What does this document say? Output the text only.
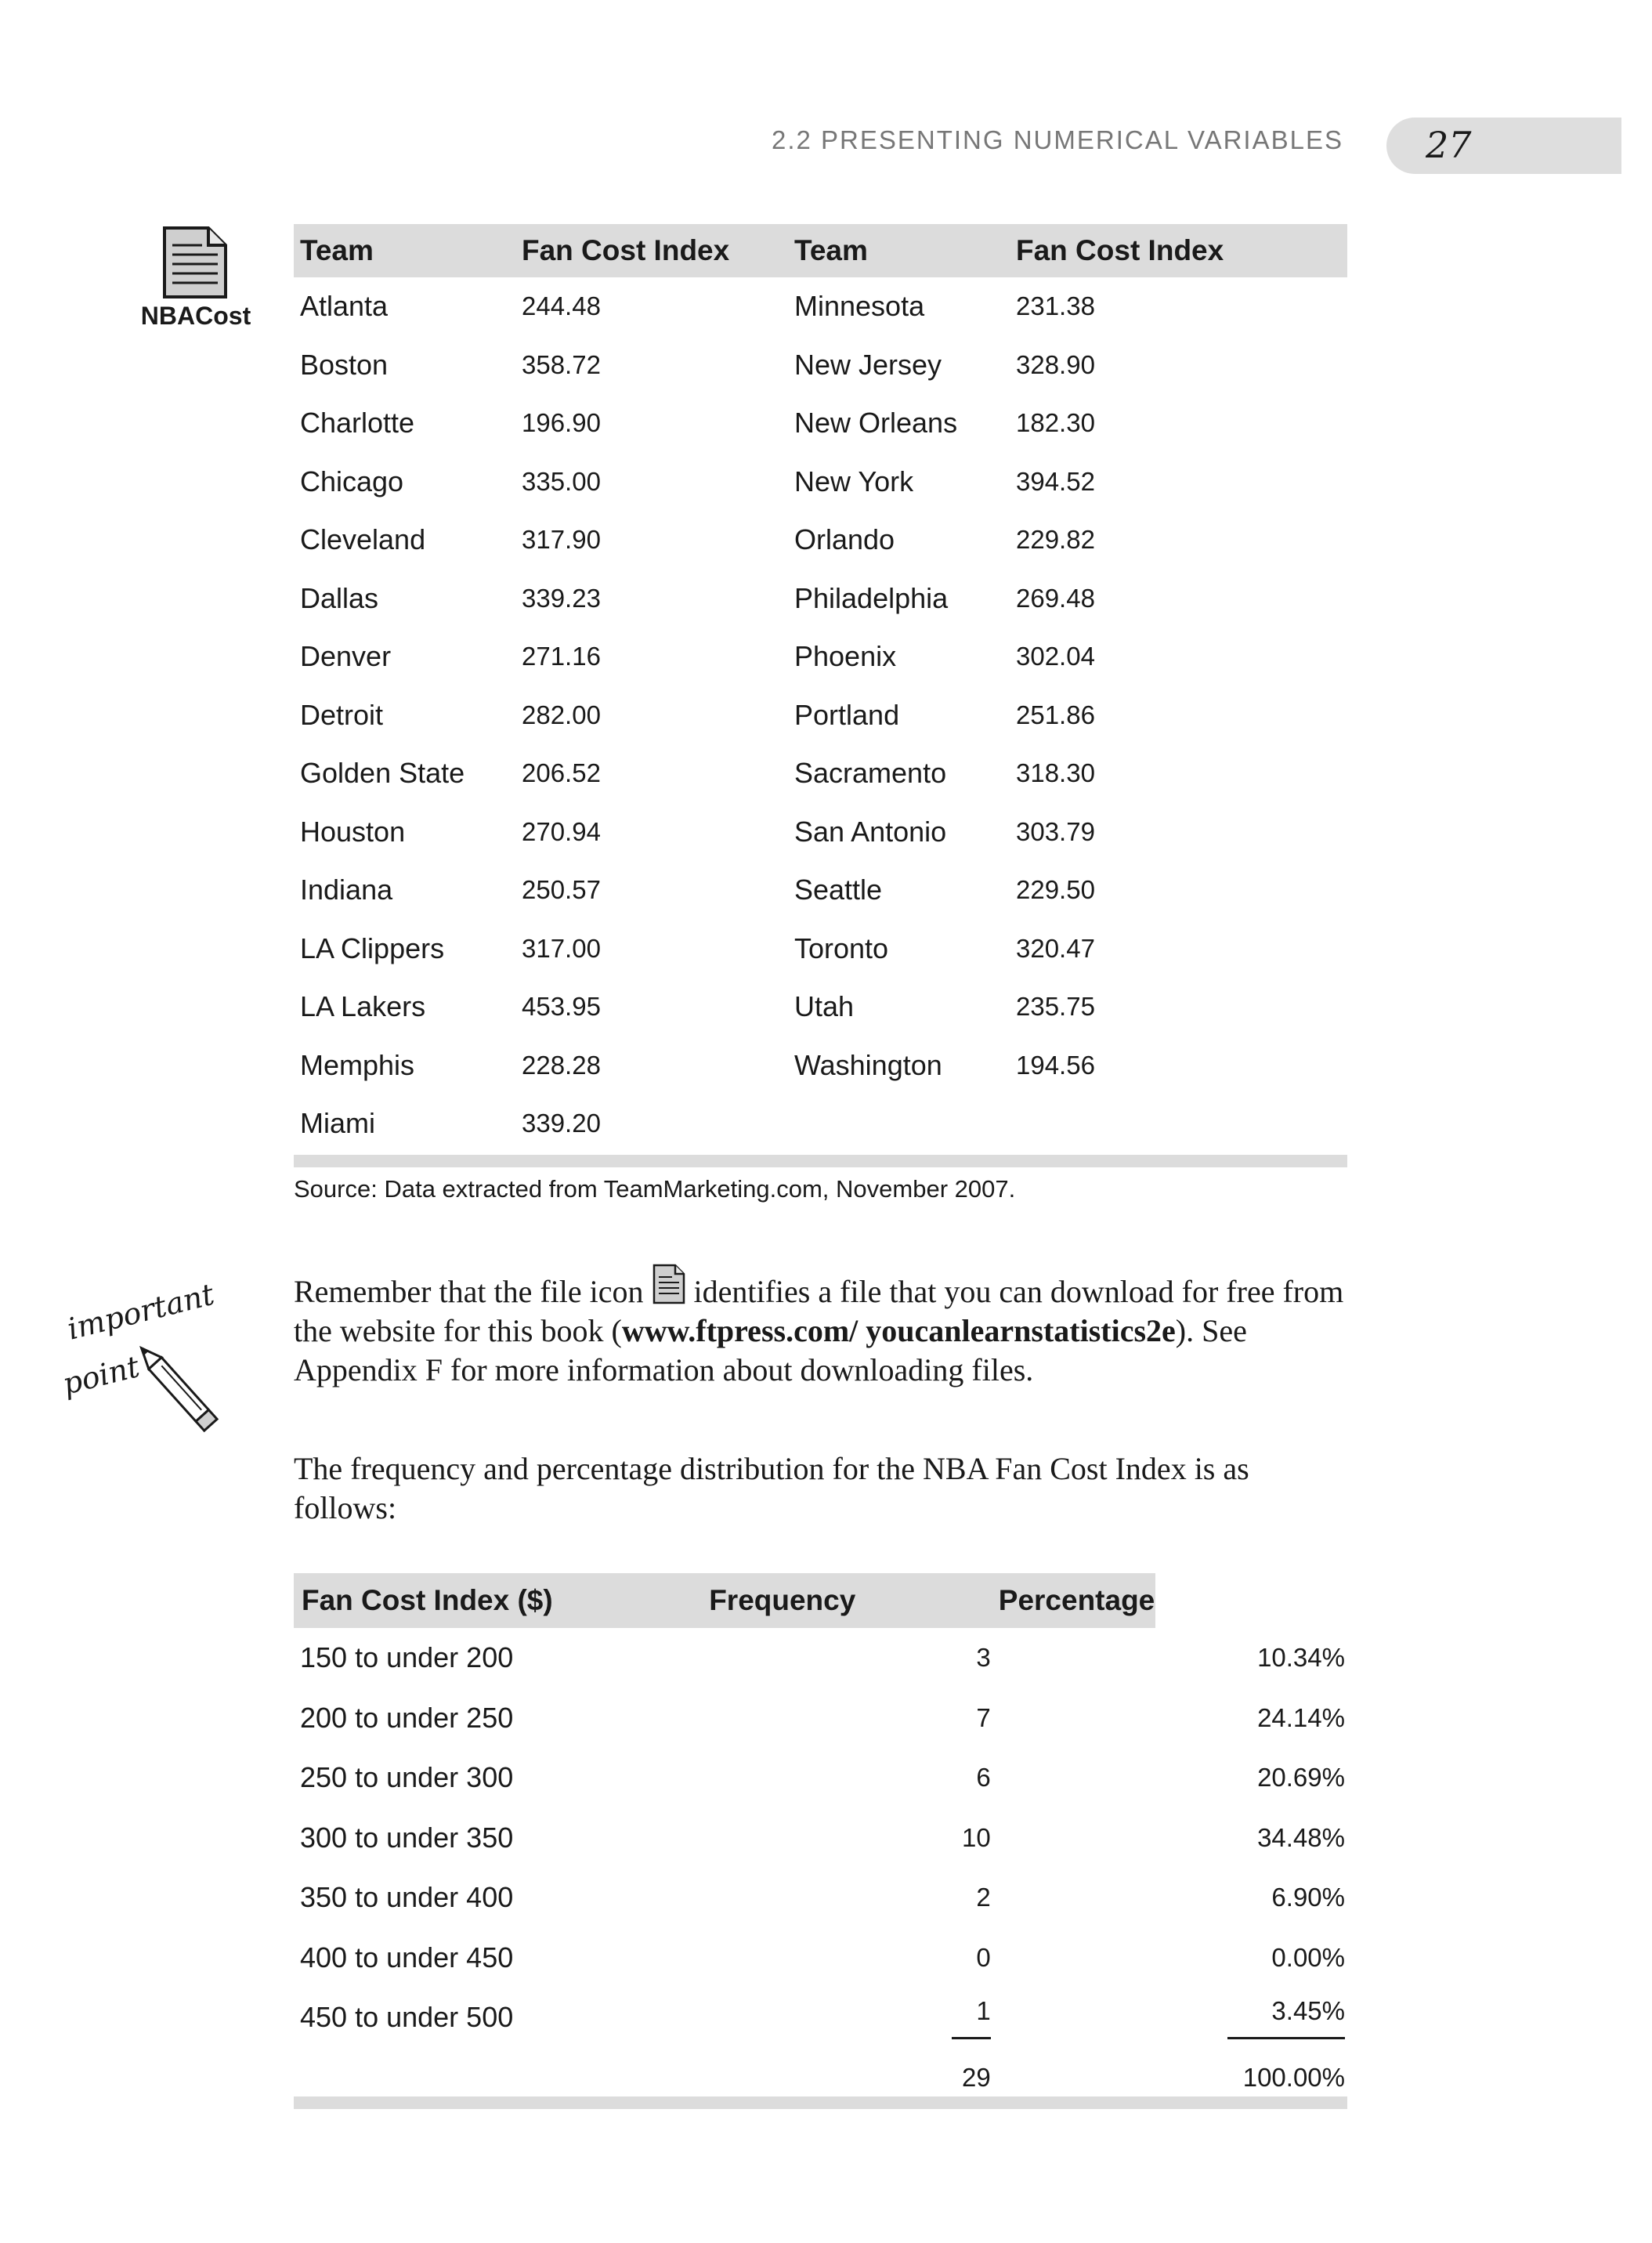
2.2 PRESENTING NUMERICAL VARIABLES 27
NBACost
Team	Fan Cost Index	Team	Fan Cost Index
Atlanta	244.48	Minnesota	231.38
Boston	358.72	New Jersey	328.90
Charlotte	196.90	New Orleans	182.30
Chicago	335.00	New York	394.52
Cleveland	317.90	Orlando	229.82
Dallas	339.23	Philadelphia	269.48
Denver	271.16	Phoenix	302.04
Detroit	282.00	Portland	251.86
Golden State	206.52	Sacramento	318.30
Houston	270.94	San Antonio	303.79
Indiana	250.57	Seattle	229.50
LA Clippers	317.00	Toronto	320.47
LA Lakers	453.95	Utah	235.75
Memphis	228.28	Washington	194.56
Miami	339.20		
Source: Data extracted from TeamMarketing.com, November 2007.
important
point
Remember that the file icon identifies a file that you can download for free from the website for this book (www.ftpress.com/ youcanlearnstatistics2e). See Appendix F for more information about downloading files.
The frequency and percentage distribution for the NBA Fan Cost Index is as follows:
Fan Cost Index ($)	Frequency	Percentage		
150 to under 200	3		10.34%	
200 to under 250	7		24.14%	
250 to under 300	6		20.69%	
300 to under 350	10		34.48%	
350 to under 400	2		6.90%	
400 to under 450	0		0.00%	
450 to under 500	1		3.45%	
	29		100.00%	
